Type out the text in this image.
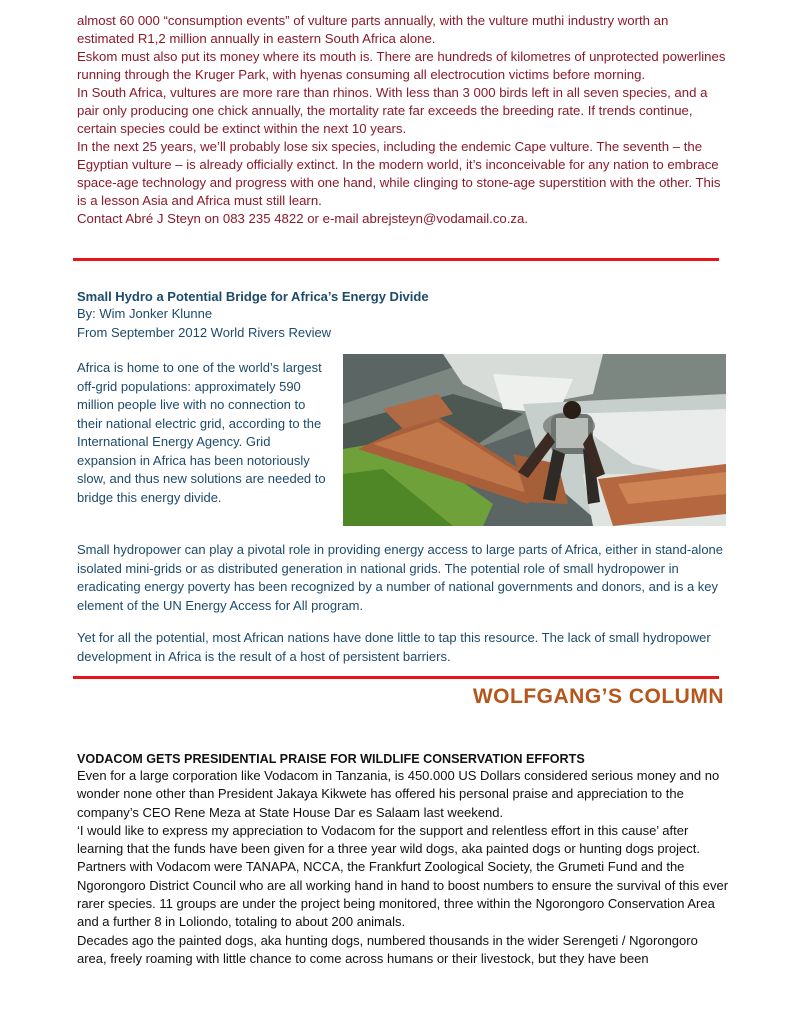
almost 60 000 “consumption events” of vulture parts annually, with the vulture muthi industry worth an estimated R1,2 million annually in eastern South Africa alone.

Eskom must also put its money where its mouth is. There are hundreds of kilometres of unprotected powerlines running through the Kruger Park, with hyenas consuming all electrocution victims before morning.

In South Africa, vultures are more rare than rhinos. With less than 3 000 birds left in all seven species, and a pair only producing one chick annually, the mortality rate far exceeds the breeding rate. If trends continue, certain species could be extinct within the next 10 years.

In the next 25 years, we’ll probably lose six species, including the endemic Cape vulture. The seventh – the Egyptian vulture – is already officially extinct. In the modern world, it’s inconceivable for any nation to embrace space-age technology and progress with one hand, while clinging to stone-age superstition with the other. This is a lesson Asia and Africa must still learn.

Contact Abré J Steyn on 083 235 4822 or e-mail abrejsteyn@vodamail.co.za.

Small Hydro a Potential Bridge for Africa’s Energy Divide

By: Wim Jonker Klunne

From September 2012 World Rivers Review

Africa is home to one of the world’s largest off-grid populations: approximately 590 million people live with no connection to their national electric grid, according to the International Energy Agency. Grid expansion in Africa has been notoriously slow, and thus new solutions are needed to bridge this energy divide.

Small hydropower can play a pivotal role in providing energy access to large parts of Africa, either in stand-alone isolated mini-grids or as distributed generation in national grids. The potential role of small hydropower in eradicating energy poverty has been recognized by a number of national governments and donors, and is a key element of the UN Energy Access for All program.

Yet for all the potential, most African nations have done little to tap this resource. The lack of small hydropower development in Africa is the result of a host of persistent barriers.

WOLFGANG’S COLUMN
VODACOM GETS PRESIDENTIAL PRAISE FOR WILDLIFE CONSERVATION EFFORTS

Even for a large corporation like Vodacom in Tanzania, is 450.000 US Dollars considered serious money and no wonder none other than President Jakaya Kikwete has offered his personal praise and appreciation to the company’s CEO Rene Meza at State House Dar es Salaam last weekend.

‘I would like to express my appreciation to Vodacom for the support and relentless effort in this cause’ after learning that the funds have been given for a three year wild dogs, aka painted dogs or hunting dogs project.

Partners with Vodacom were TANAPA, NCCA, the Frankfurt Zoological Society, the Grumeti Fund and the Ngorongoro District Council who are all working hand in hand to boost numbers to ensure the survival of this ever rarer species. 11 groups are under the project being monitored, three within the Ngorongoro Conservation Area and a further 8 in Loliondo, totaling to about 200 animals.

Decades ago the painted dogs, aka hunting dogs, numbered thousands in the wider Serengeti / Ngorongoro area, freely roaming with little chance to come across humans or their livestock, but they have been
